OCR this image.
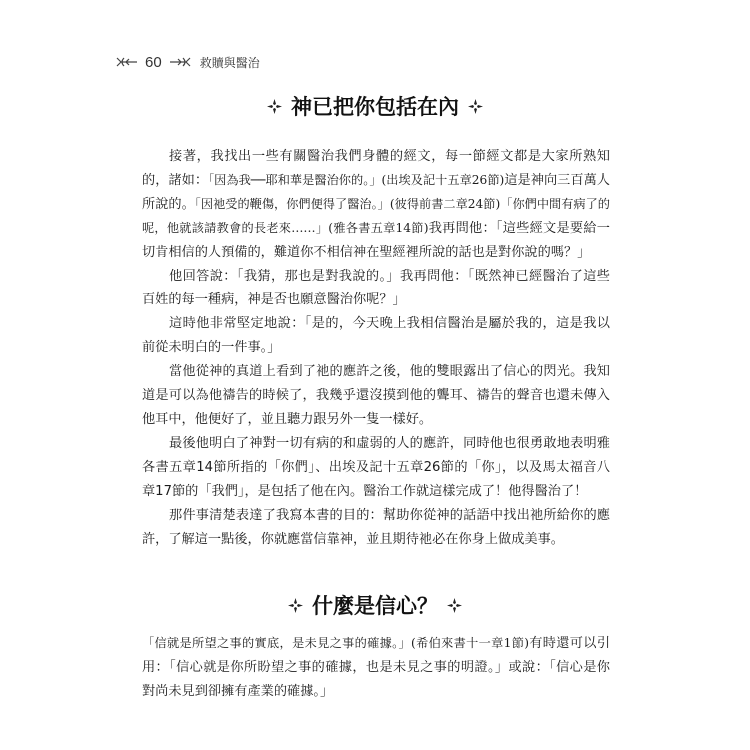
60	救贖與醫治
神已把你包括在內

接著，我找出一些有關醫治我們身體的經文，每一節經文都是大家所熟知的，諸如：「因為我──耶和華是醫治你的。」(出埃及記十五章26節)這是神向三百萬人所說的。「因祂受的鞭傷，你們便得了醫治。」(彼得前書二章24節)「你們中間有病了的呢，他就該請教會的長老來……」(雅各書五章14節)我再問他：「這些經文是要給一切肯相信的人預備的，難道你不相信神在聖經裡所說的話也是對你說的嗎？」

他回答說：「我猜，那也是對我說的。」我再問他：「既然神已經醫治了這些百姓的每一種病，神是否也願意醫治你呢？」

這時他非常堅定地說：「是的，今天晚上我相信醫治是屬於我的，這是我以前從未明白的一件事。」

當他從神的真道上看到了祂的應許之後，他的雙眼露出了信心的閃光。我知道是可以為他禱告的時候了，我幾乎還沒摸到他的聾耳、禱告的聲音也還未傳入他耳中，他便好了，並且聽力跟另外一隻一樣好。

最後他明白了神對一切有病的和虛弱的人的應許，同時他也很勇敢地表明雅各書五章14節所指的「你們」、出埃及記十五章26節的「你」，以及馬太福音八章17節的「我們」，是包括了他在內。醫治工作就這樣完成了！他得醫治了！

那件事清楚表達了我寫本書的目的：幫助你從神的話語中找出祂所給你的應許，了解這一點後，你就應當信靠神，並且期待祂必在你身上做成美事。

什麼是信心？

「信就是所望之事的實底，是未見之事的確據。」(希伯來書十一章1節)有時還可以引用：「信心就是你所盼望之事的確據，也是未見之事的明證。」或說：「信心是你對尚未見到卻擁有產業的確據。」
